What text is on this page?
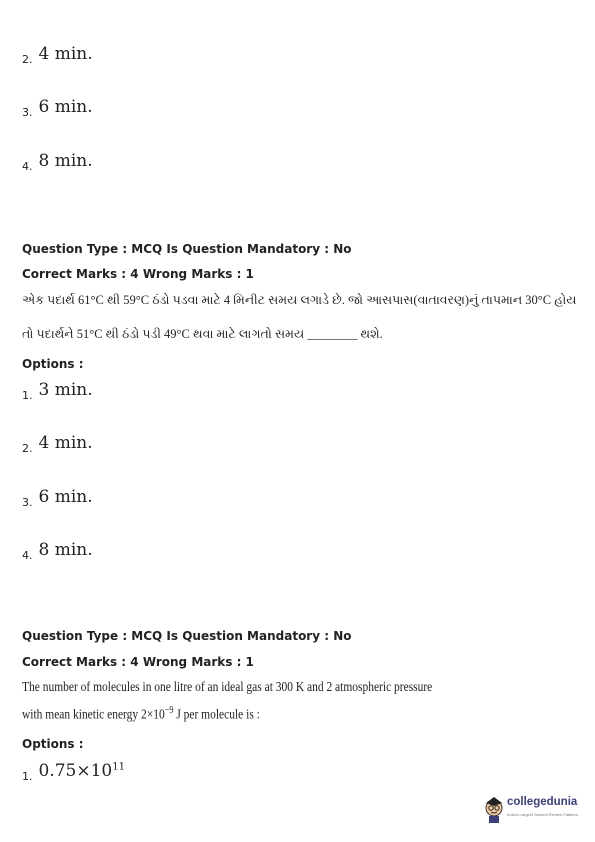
$_{2.}$ 4 min.
$_{3.}$ 6 min.
$_{4.}$ 8 min.
Question Type : MCQ Is Question Mandatory : No
Correct Marks : 4 Wrong Marks : 1
એક પદાર્થ 61°C થી 59°C ઠંડો પડવા માટે 4 મિનીટ સમય લગાડે છે. જો આસપાસ(વાતાવરણ)નું તાપમાન 30°C હોય
તો પદાર્થને 51°C થી ઠંડો પડી 49°C થવા માટે લાગતો સમય ________ થશે.
Options :
$_{1.}$ 3 min.
$_{2.}$ 4 min.
$_{3.}$ 6 min.
$_{4.}$ 8 min.
Question Type : MCQ Is Question Mandatory : No
Correct Marks : 4 Wrong Marks : 1
The number of molecules in one litre of an ideal gas at 300 K and 2 atmospheric pressure
with mean kinetic energy $2\times 10^{-9}$ J per molecule is :
Options :
$_{1.}$ $0.75\times 10^{11}$
collegedunia
India's Largest Student Review Platform
